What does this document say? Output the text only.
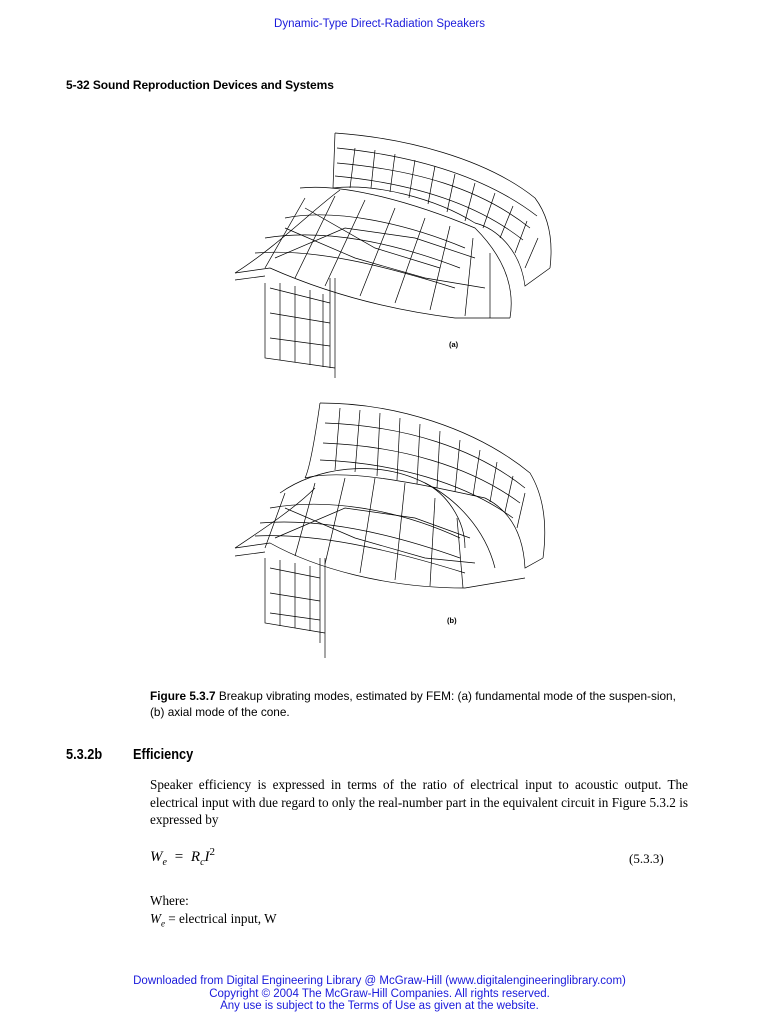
Dynamic-Type Direct-Radiation Speakers
5-32 Sound Reproduction Devices and Systems
(a)
(b)
Figure 5.3.7 Breakup vibrating modes, estimated by FEM: (a) fundamental mode of the suspen-sion, (b) axial mode of the cone.
5.3.2b Efficiency
Speaker efficiency is expressed in terms of the ratio of electrical input to acoustic output. The electrical input with due regard to only the real-number part in the equivalent circuit in Figure 5.3.2 is expressed by
$W_e = R_cI^2$	(5.3.3)
Where:
$W_e$ = electrical input, W
Downloaded from Digital Engineering Library @ McGraw-Hill (www.digitalengineeringlibrary.com)
Copyright © 2004 The McGraw-Hill Companies. All rights reserved.
Any use is subject to the Terms of Use as given at the website.
